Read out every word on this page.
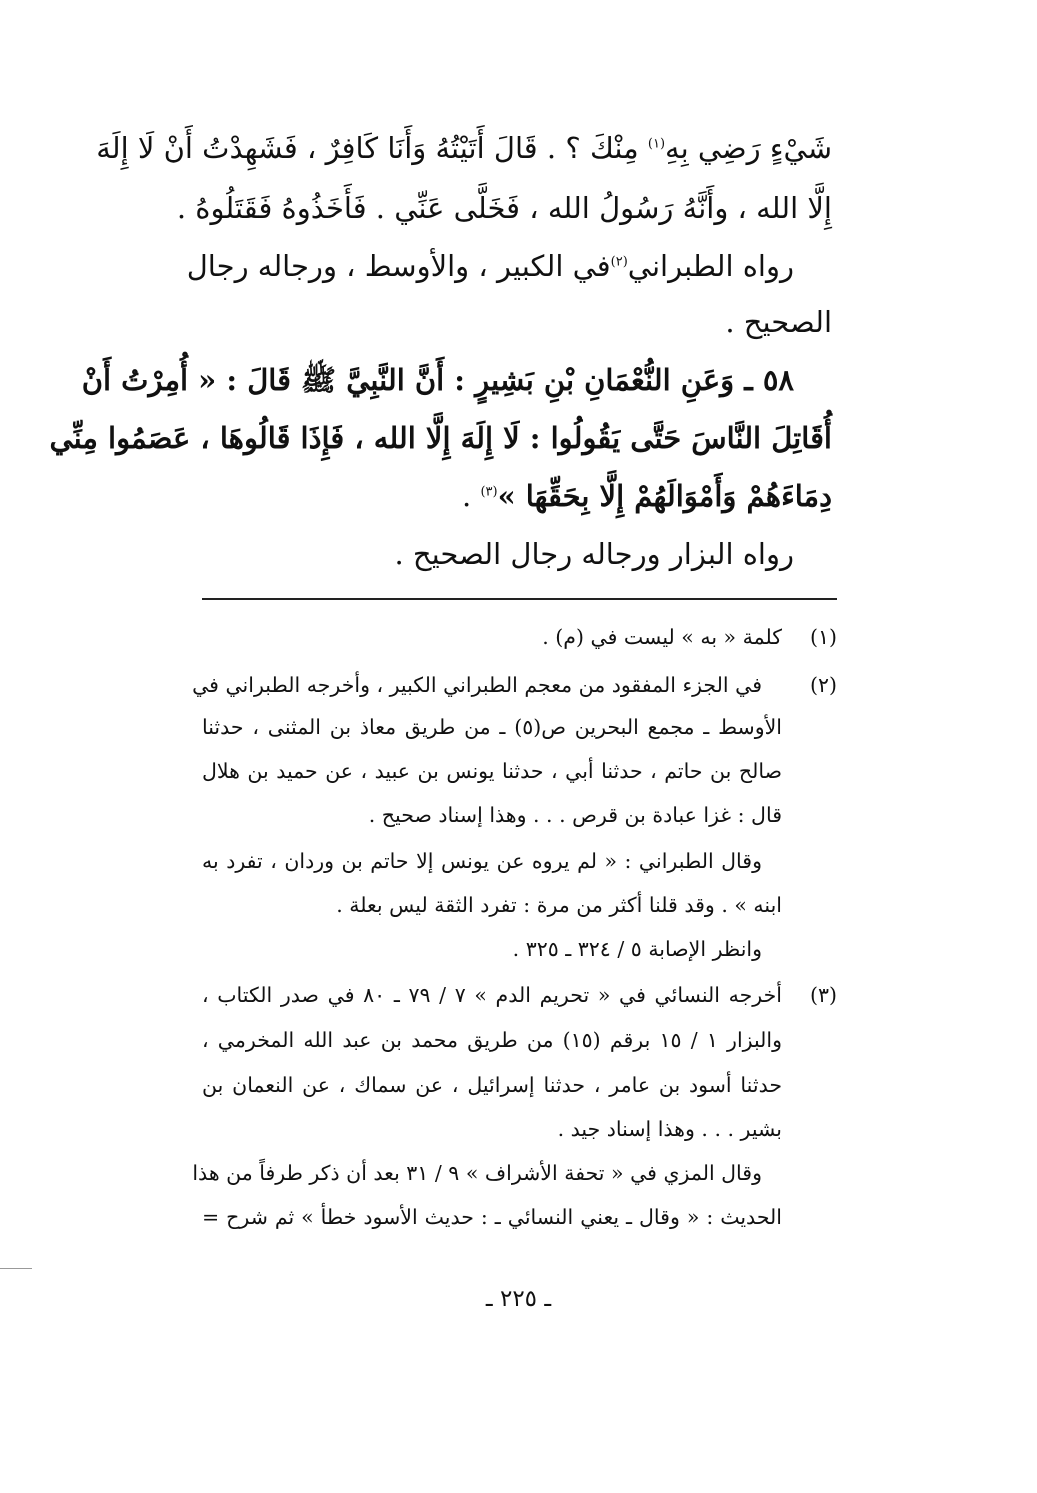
شَيْءٍ رَضِي بِهِ$^{(١)}$ مِنْكَ ؟ . قَالَ أَتَيْتُهُ وَأَنَا كَافِرٌ ، فَشَهِدْتُ أَنْ لَا إِلَهَ
إِلَّا الله ، وأَنَّهُ رَسُولُ الله ، فَخَلَّى عَنِّي . فَأَخَذُوهُ فَقَتَلُوهُ .
رواه الطبراني$^{(٢)}$في الكبير ، والأوسط ، ورجاله رجال
الصحيح .
٥٨ ـ وَعَنِ النُّعْمَانِ بْنِ بَشِيرٍ : أَنَّ النَّبِيَّ ﷺ قَالَ : « أُمِرْتُ أَنْ
أُقَاتِلَ النَّاسَ حَتَّى يَقُولُوا : لَا إِلَهَ إِلَّا الله ، فَإِذَا قَالُوهَا ، عَصَمُوا مِنِّي
دِمَاءَهُمْ وَأَمْوَالَهُمْ إِلَّا بِحَقِّهَا »$^{(٣)}$ .
رواه البزار ورجاله رجال الصحيح .
(١)
(٢)
(٣)
كلمة « به » ليست في (م) .
في الجزء المفقود من معجم الطبراني الكبير ، وأخرجه الطبراني في
الأوسط ـ مجمع البحرين ص(٥) ـ من طريق معاذ بن المثنى ، حدثنا
صالح بن حاتم ، حدثنا أبي ، حدثنا يونس بن عبيد ، عن حميد بن هلال
قال : غزا عبادة بن قرص . . . وهذا إسناد صحيح .
وقال الطبراني : « لم يروه عن يونس إلا حاتم بن وردان ، تفرد به
ابنه » . وقد قلنا أكثر من مرة : تفرد الثقة ليس بعلة .
وانظر الإصابة ٥ / ٣٢٤ ـ ٣٢٥ .
أخرجه النسائي في « تحريم الدم » ٧ / ٧٩ ـ ٨٠ في صدر الكتاب ،
والبزار ١ / ١٥ برقم (١٥) من طريق محمد بن عبد الله المخرمي ،
حدثنا أسود بن عامر ، حدثنا إسرائيل ، عن سماك ، عن النعمان بن
بشير . . . وهذا إسناد جيد .
وقال المزي في « تحفة الأشراف » ٩ / ٣١ بعد أن ذكر طرفاً من هذا
الحديث : « وقال ـ يعني النسائي ـ : حديث الأسود خطأ » ثم شرح =
ـ ٢٢٥ ـ
